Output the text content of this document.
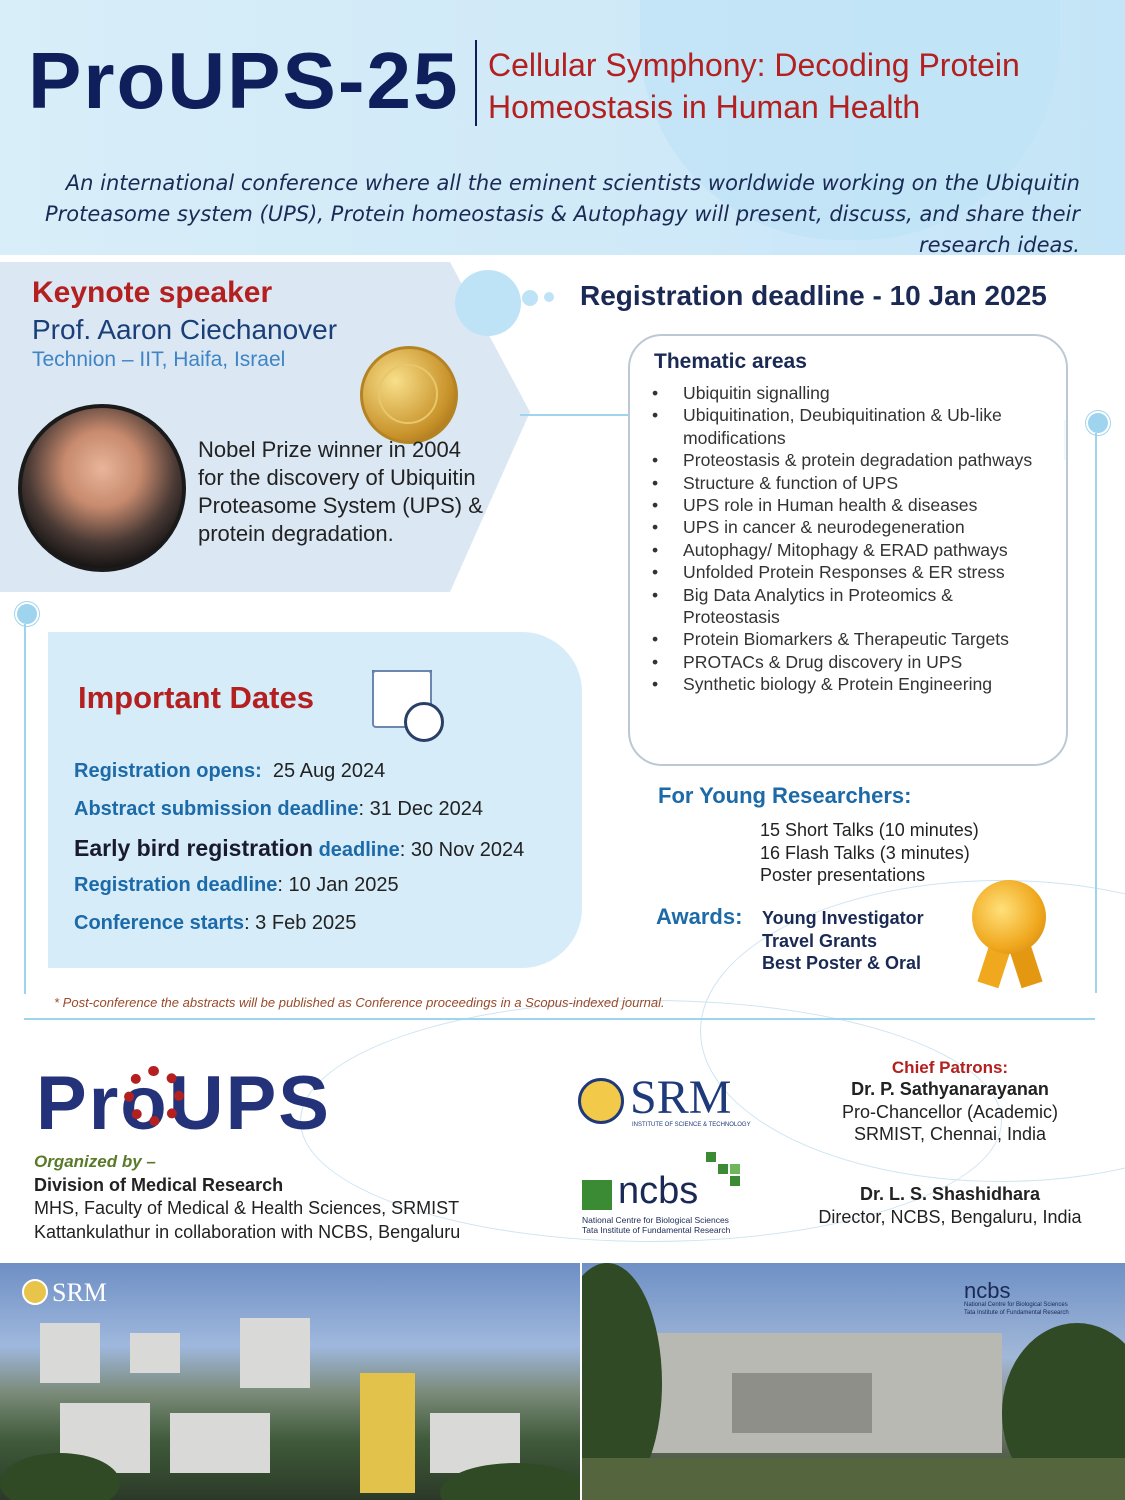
ProUPS-25 Cellular Symphony: Decoding Protein Homeostasis in Human Health
An international conference where all the eminent scientists worldwide working on the Ubiquitin Proteasome system (UPS), Protein homeostasis & Autophagy will present, discuss, and share their research ideas.
Keynote speaker
Prof. Aaron Ciechanover
Technion – IIT, Haifa, Israel
Nobel Prize winner in 2004 for the discovery of Ubiquitin Proteasome System (UPS) & protein degradation.
Registration deadline - 10 Jan 2025
Thematic areas
• Ubiquitin signalling
• Ubiquitination, Deubiquitination & Ub-like modifications
• Proteostasis & protein degradation pathways
• Structure & function of UPS
• UPS role in Human health & diseases
• UPS in cancer & neurodegeneration
• Autophagy/ Mitophagy & ERAD pathways
• Unfolded Protein Responses & ER stress
• Big Data Analytics in Proteomics & Proteostasis
• Protein Biomarkers & Therapeutic Targets
• PROTACs & Drug discovery in UPS
• Synthetic biology & Protein Engineering
Important Dates
Registration opens: 25 Aug 2024
Abstract submission deadline: 31 Dec 2024
Early bird registration deadline: 30 Nov 2024
Registration deadline: 10 Jan 2025
Conference starts: 3 Feb 2025
* Post-conference the abstracts will be published as Conference proceedings in a Scopus-indexed journal.
For Young Researchers:
15 Short Talks (10 minutes)
16 Flash Talks (3 minutes)
Poster presentations
Awards: Young Investigator
Travel Grants
Best Poster & Oral
ProUPS
Organized by –
Division of Medical Research
MHS, Faculty of Medical & Health Sciences, SRMIST
Kattankulathur in collaboration with NCBS, Bengaluru
SRM
INSTITUTE OF SCIENCE & TECHNOLOGY
ncbs
National Centre for Biological Sciences
Tata Institute of Fundamental Research
Chief Patrons:
Dr. P. Sathyanarayanan
Pro-Chancellor (Academic)
SRMIST, Chennai, India
Dr. L. S. Shashidhara
Director, NCBS, Bengaluru, India
SRM	ncbs
National Centre for Biological Sciences
Tata Institute of Fundamental Research
